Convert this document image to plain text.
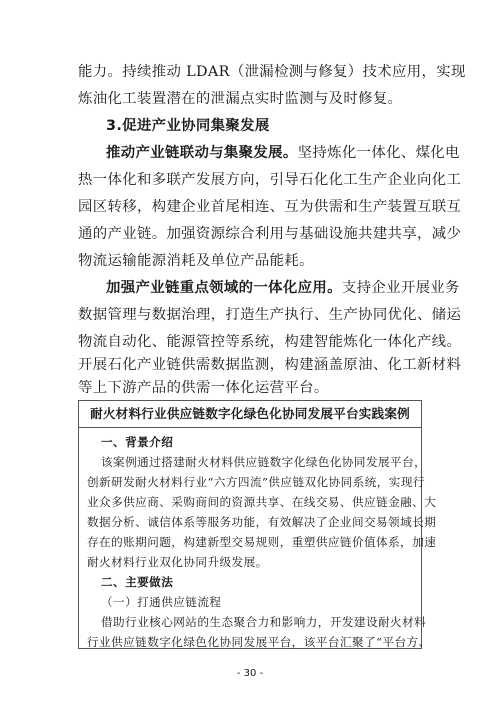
能力。持续推动 LDAR（泄漏检测与修复）技术应用，实现
炼油化工装置潜在的泄漏点实时监测与及时修复。
3.促进产业协同集聚发展
推动产业链联动与集聚发展。坚持炼化一体化、煤化电
热一体化和多联产发展方向，引导石化化工生产企业向化工
园区转移，构建企业首尾相连、互为供需和生产装置互联互
通的产业链。加强资源综合利用与基础设施共建共享，减少
物流运输能源消耗及单位产品能耗。
加强产业链重点领域的一体化应用。支持企业开展业务
数据管理与数据治理，打造生产执行、生产协同优化、储运
物流自动化、能源管控等系统，构建智能炼化一体化产线。
开展石化产业链供需数据监测，构建涵盖原油、化工新材料
等上下游产品的供需一体化运营平台。
耐火材料行业供应链数字化绿色化协同发展平台实践案例
一、背景介绍
该案例通过搭建耐火材料供应链数字化绿色化协同发展平台，
创新研发耐火材料行业“六方四流”供应链双化协同系统，实现行
业众多供应商、采购商间的资源共享、在线交易、供应链金融、大
数据分析、诚信体系等服务功能，有效解决了企业间交易领域长期
存在的账期问题，构建新型交易规则，重塑供应链价值体系，加速
耐火材料行业双化协同升级发展。
二、主要做法
（一）打通供应链流程
借助行业核心网站的生态聚合力和影响力，开发建设耐火材料
行业供应链数字化绿色化协同发展平台，该平台汇聚了“平台方、
- 30 -
